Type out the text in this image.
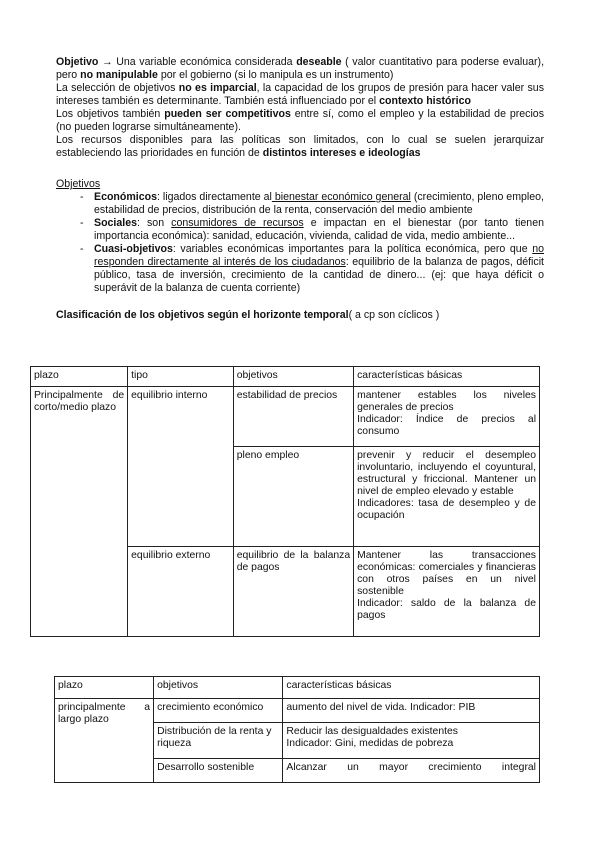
Objetivo → Una variable económica considerada deseable ( valor cuantitativo para poderse evaluar), pero no manipulable por el gobierno (si lo manipula es un instrumento)

La selección de objetivos no es imparcial, la capacidad de los grupos de presión para hacer valer sus intereses también es determinante. También está influenciado por el contexto histórico

Los objetivos también pueden ser competitivos entre sí, como el empleo y la estabilidad de precios (no pueden lograrse simultáneamente).

Los recursos disponibles para las políticas son limitados, con lo cual se suelen jerarquizar estableciendo las prioridades en función de distintos intereses e ideologías

Objetivos

- Económicos: ligados directamente al bienestar económico general (crecimiento, pleno empleo, estabilidad de precios, distribución de la renta, conservación del medio ambiente
- Sociales: son consumidores de recursos e impactan en el bienestar (por tanto tienen importancia económica): sanidad, educación, vivienda, calidad de vida, medio ambiente...
- Cuasi-objetivos: variables económicas importantes para la política económica, pero que no responden directamente al interés de los ciudadanos: equilibrio de la balanza de pagos, déficit público, tasa de inversión, crecimiento de la cantidad de dinero... (ej: que haya déficit o superávit de la balanza de cuenta corriente)

Clasificación de los objetivos según el horizonte temporal( a cp son cíclicos )

plazo	tipo	objetivos	características básicas
Principalmente de corto/medio plazo	equilibrio interno	estabilidad de precios	mantener estables los niveles generales de precios
Indicador: Índice de precios al consumo
		pleno empleo	prevenir y reducir el desempleo involuntario, incluyendo el coyuntural, estructural y friccional. Mantener un nivel de empleo elevado y estable
Indicadores: tasa de desempleo y de ocupación
	equilibrio externo	equilibrio de la balanza de pagos	Mantener las transacciones económicas: comerciales y financieras con otros países en un nivel sostenible
Indicador: saldo de la balanza de pagos
plazo	objetivos	características básicas
principalmente a largo plazo	crecimiento económico	aumento del nivel de vida. Indicador: PIB
	Distribución de la renta y riqueza	Reducir las desigualdades existentes
Indicador: Gini, medidas de pobreza
	Desarrollo sostenible	Alcanzar un mayor crecimiento integral
